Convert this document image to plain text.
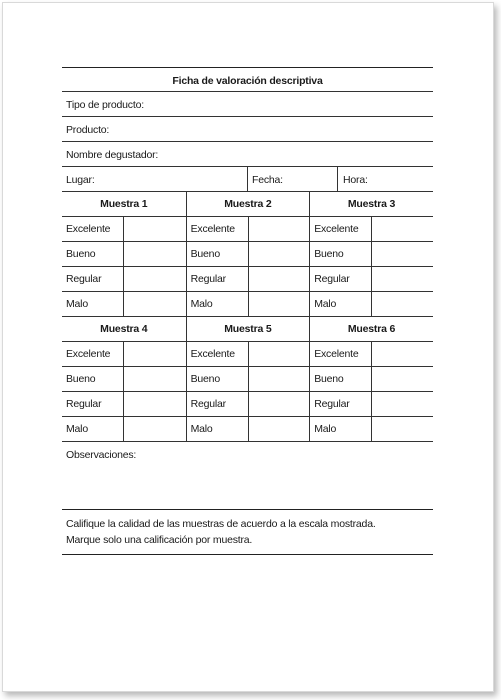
Ficha de valoración descriptiva
Tipo de producto:
Producto:
Nombre degustador:
Lugar:	Fecha:	Hora:
Muestra 1
Excelente
Bueno
Regular
Malo
Muestra 2
Excelente
Bueno
Regular
Malo
Muestra 3
Excelente
Bueno
Regular
Malo
Muestra 4
Excelente
Bueno
Regular
Malo
Muestra 5
Excelente
Bueno
Regular
Malo
Muestra 6
Excelente
Bueno
Regular
Malo
Observaciones:
Califique la calidad de las muestras de acuerdo a la escala mostrada.
Marque solo una calificación por muestra.
